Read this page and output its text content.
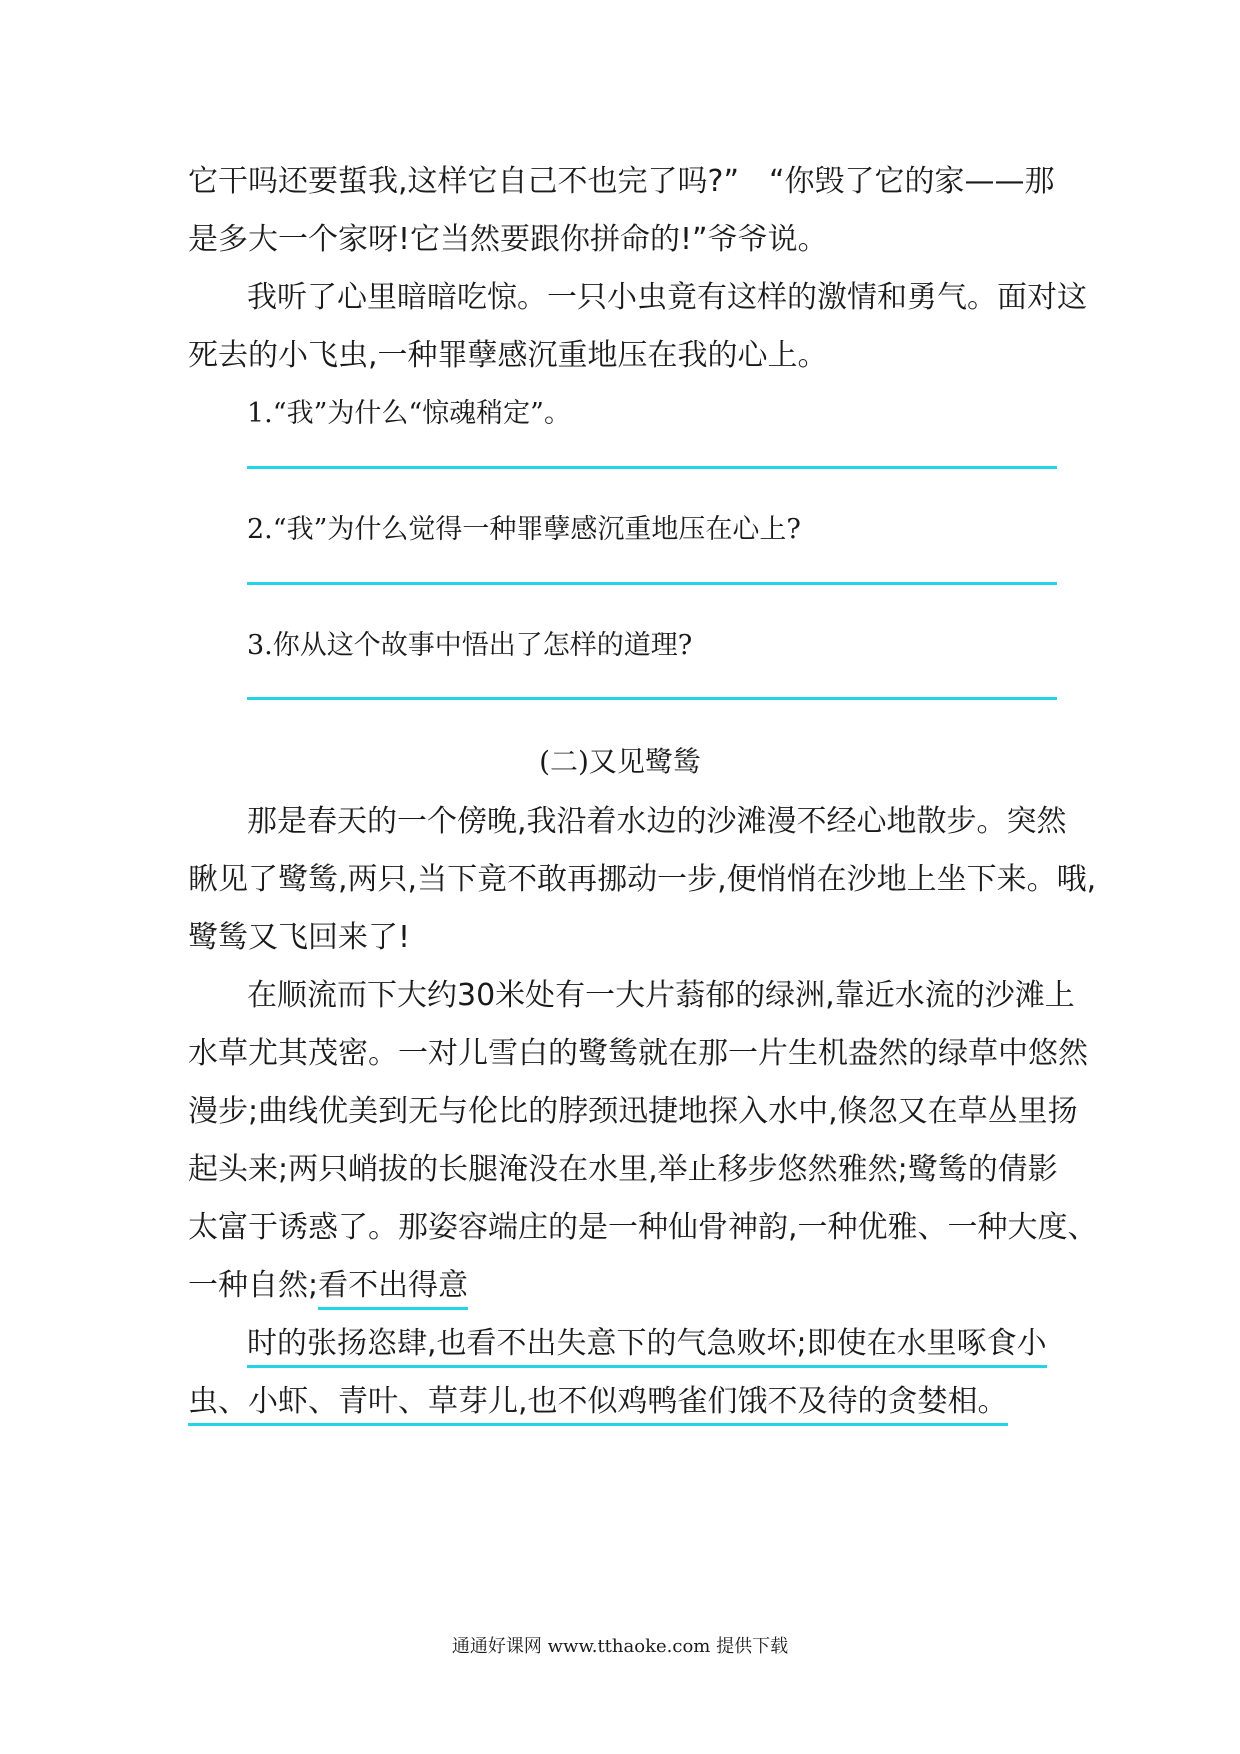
它干吗还要蜇我,这样它自己不也完了吗?”　“你毁了它的家——那
是多大一个家呀!它当然要跟你拼命的!”爷爷说。
我听了心里暗暗吃惊。一只小虫竟有这样的激情和勇气。面对这
死去的小飞虫,一种罪孽感沉重地压在我的心上。
1.“我”为什么“惊魂稍定”。
2.“我”为什么觉得一种罪孽感沉重地压在心上?
3.你从这个故事中悟出了怎样的道理?
(二)又见鹭鸶
那是春天的一个傍晚,我沿着水边的沙滩漫不经心地散步。突然
瞅见了鹭鸶,两只,当下竟不敢再挪动一步,便悄悄在沙地上坐下来。哦,
鹭鸶又飞回来了!
在顺流而下大约30米处有一大片蓊郁的绿洲,靠近水流的沙滩上
水草尤其茂密。一对儿雪白的鹭鸶就在那一片生机盎然的绿草中悠然
漫步;曲线优美到无与伦比的脖颈迅捷地探入水中,倏忽又在草丛里扬
起头来;两只峭拔的长腿淹没在水里,举止移步悠然雅然;鹭鸶的倩影
太富于诱惑了。那姿容端庄的是一种仙骨神韵,一种优雅、一种大度、
一种自然;看不出得意
时的张扬恣肆,也看不出失意下的气急败坏;即使在水里啄食小
虫、小虾、青叶、草芽儿,也不似鸡鸭雀们饿不及待的贪婪相。
通通好课网 www.tthaoke.com 提供下载
